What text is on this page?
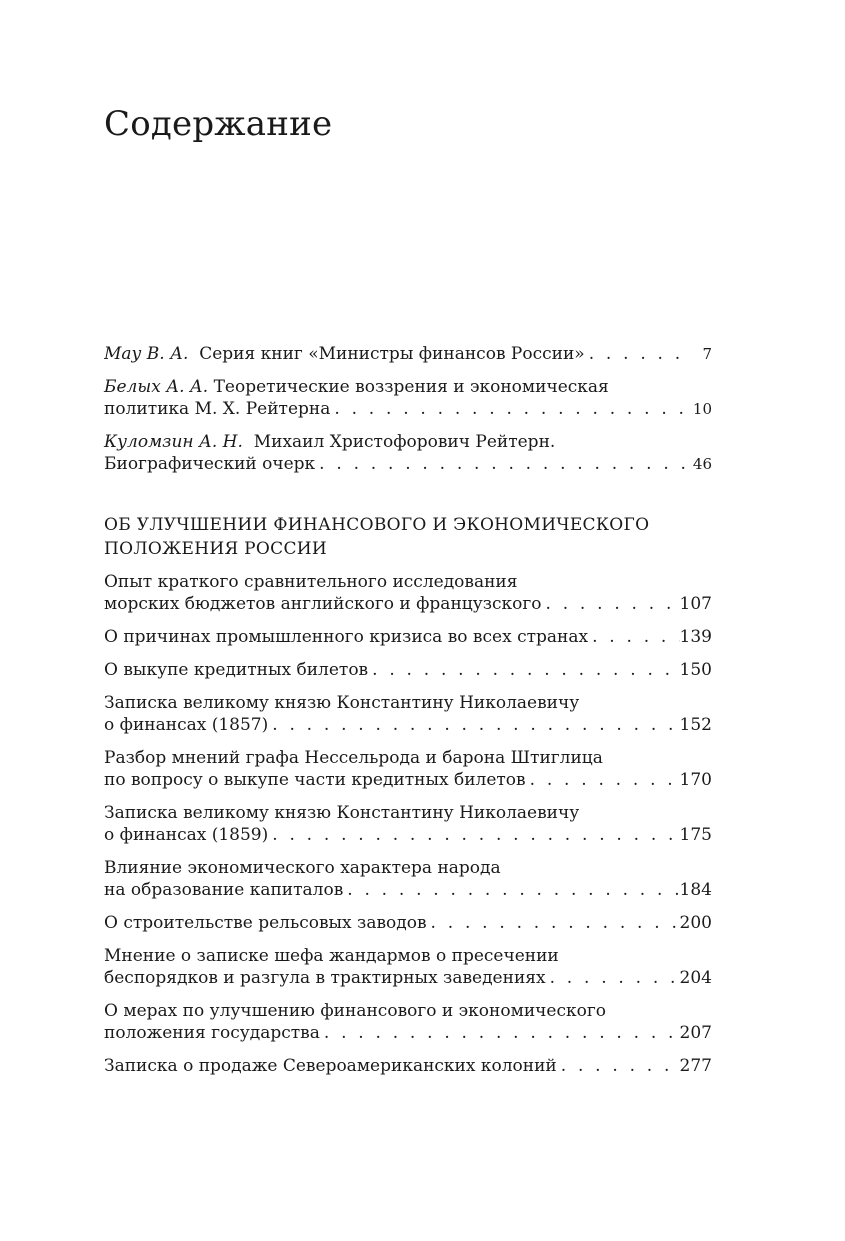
Содержание
Мау В. А. Серия книг «Министры финансов России» . . .	7
Белых А. А. Теоретические воззрения и экономическая
политика М. Х. Рейтерна . . .	10
Куломзин А. Н. Михаил Христофорович Рейтерн.
Биографический очерк . . .	46
ОБ УЛУЧШЕНИИ ФИНАНСОВОГО И ЭКОНОМИЧЕСКОГО
ПОЛОЖЕНИЯ РОССИИ
Опыт краткого сравнительного исследования
морских бюджетов английского и французского . . .	107
О причинах промышленного кризиса во всех странах . . .	139
О выкупе кредитных билетов . . .	150
Записка великому князю Константину Николаевичу
о финансах (1857) . . .	152
Разбор мнений графа Нессельрода и барона Штиглица
по вопросу о выкупе части кредитных билетов . . .	170
Записка великому князю Константину Николаевичу
о финансах (1859) . . .	175
Влияние экономического характера народа
на образование капиталов . . .	184
О строительстве рельсовых заводов . . .	200
Мнение о записке шефа жандармов о пресечении
беспорядков и разгула в трактирных заведениях . . .	204
О мерах по улучшению финансового и экономического
положения государства . . .	207
Записка о продаже Североамериканских колоний . . .	277
